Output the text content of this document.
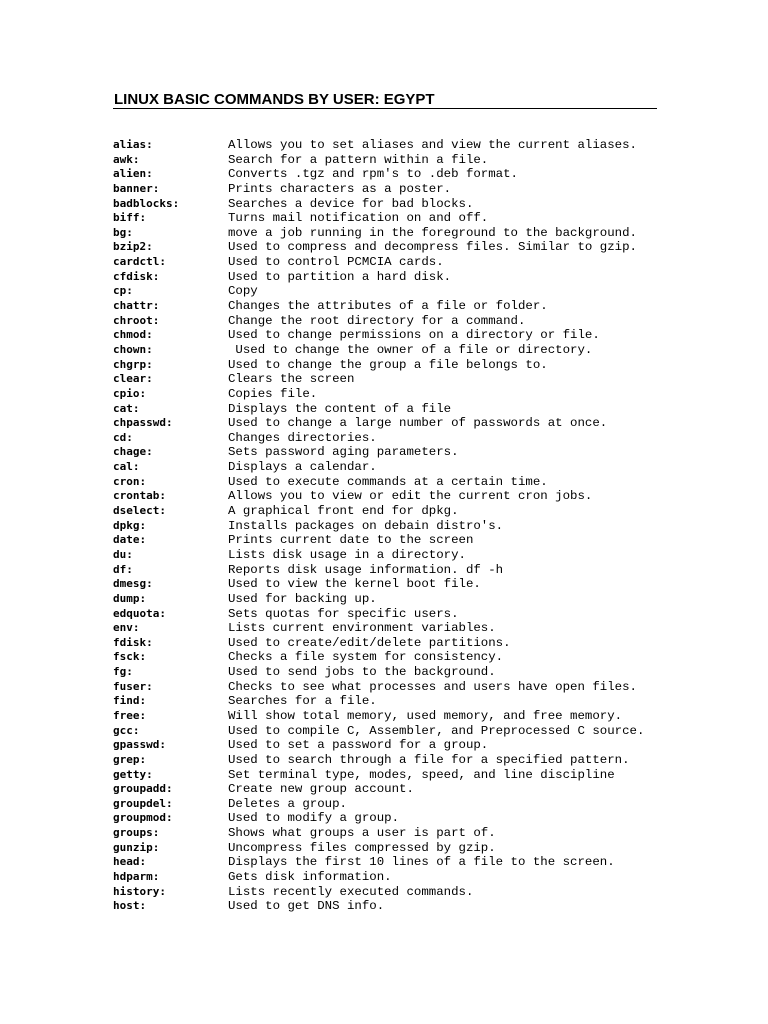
LINUX BASIC COMMANDS BY USER: EGYPT
alias:	Allows you to set aliases and view the current aliases.
awk:	Search for a pattern within a file.
alien:	Converts .tgz and rpm's to .deb format.
banner:	Prints characters as a poster.
badblocks:	Searches a device for bad blocks.
biff:	Turns mail notification on and off.
bg:	move a job running in the foreground to the background.
bzip2:	Used to compress and decompress files. Similar to gzip.
cardctl:	Used to control PCMCIA cards.
cfdisk:	Used to partition a hard disk.
cp:	Copy
chattr:	Changes the attributes of a file or folder.
chroot:	Change the root directory for a command.
chmod:	Used to change permissions on a directory or file.
chown:	Used to change the owner of a file or directory.
chgrp:	Used to change the group a file belongs to.
clear:	Clears the screen
cpio:	Copies file.
cat:	Displays the content of a file
chpasswd:	Used to change a large number of passwords at once.
cd:	Changes directories.
chage:	Sets password aging parameters.
cal:	Displays a calendar.
cron:	Used to execute commands at a certain time.
crontab:	Allows you to view or edit the current cron jobs.
dselect:	A graphical front end for dpkg.
dpkg:	Installs packages on debain distro's.
date:	Prints current date to the screen
du:	Lists disk usage in a directory.
df:	Reports disk usage information. df -h
dmesg:	Used to view the kernel boot file.
dump:	Used for backing up.
edquota:	Sets quotas for specific users.
env:	Lists current environment variables.
fdisk:	Used to create/edit/delete partitions.
fsck:	Checks a file system for consistency.
fg:	Used to send jobs to the background.
fuser:	Checks to see what processes and users have open files.
find:	Searches for a file.
free:	Will show total memory, used memory, and free memory.
gcc:	Used to compile C, Assembler, and Preprocessed C source.
gpasswd:	Used to set a password for a group.
grep:	Used to search through a file for a specified pattern.
getty:	Set terminal type, modes, speed, and line discipline
groupadd:	Create new group account.
groupdel:	Deletes a group.
groupmod:	Used to modify a group.
groups:	Shows what groups a user is part of.
gunzip:	Uncompress files compressed by gzip.
head:	Displays the first 10 lines of a file to the screen.
hdparm:	Gets disk information.
history:	Lists recently executed commands.
host:	Used to get DNS info.
